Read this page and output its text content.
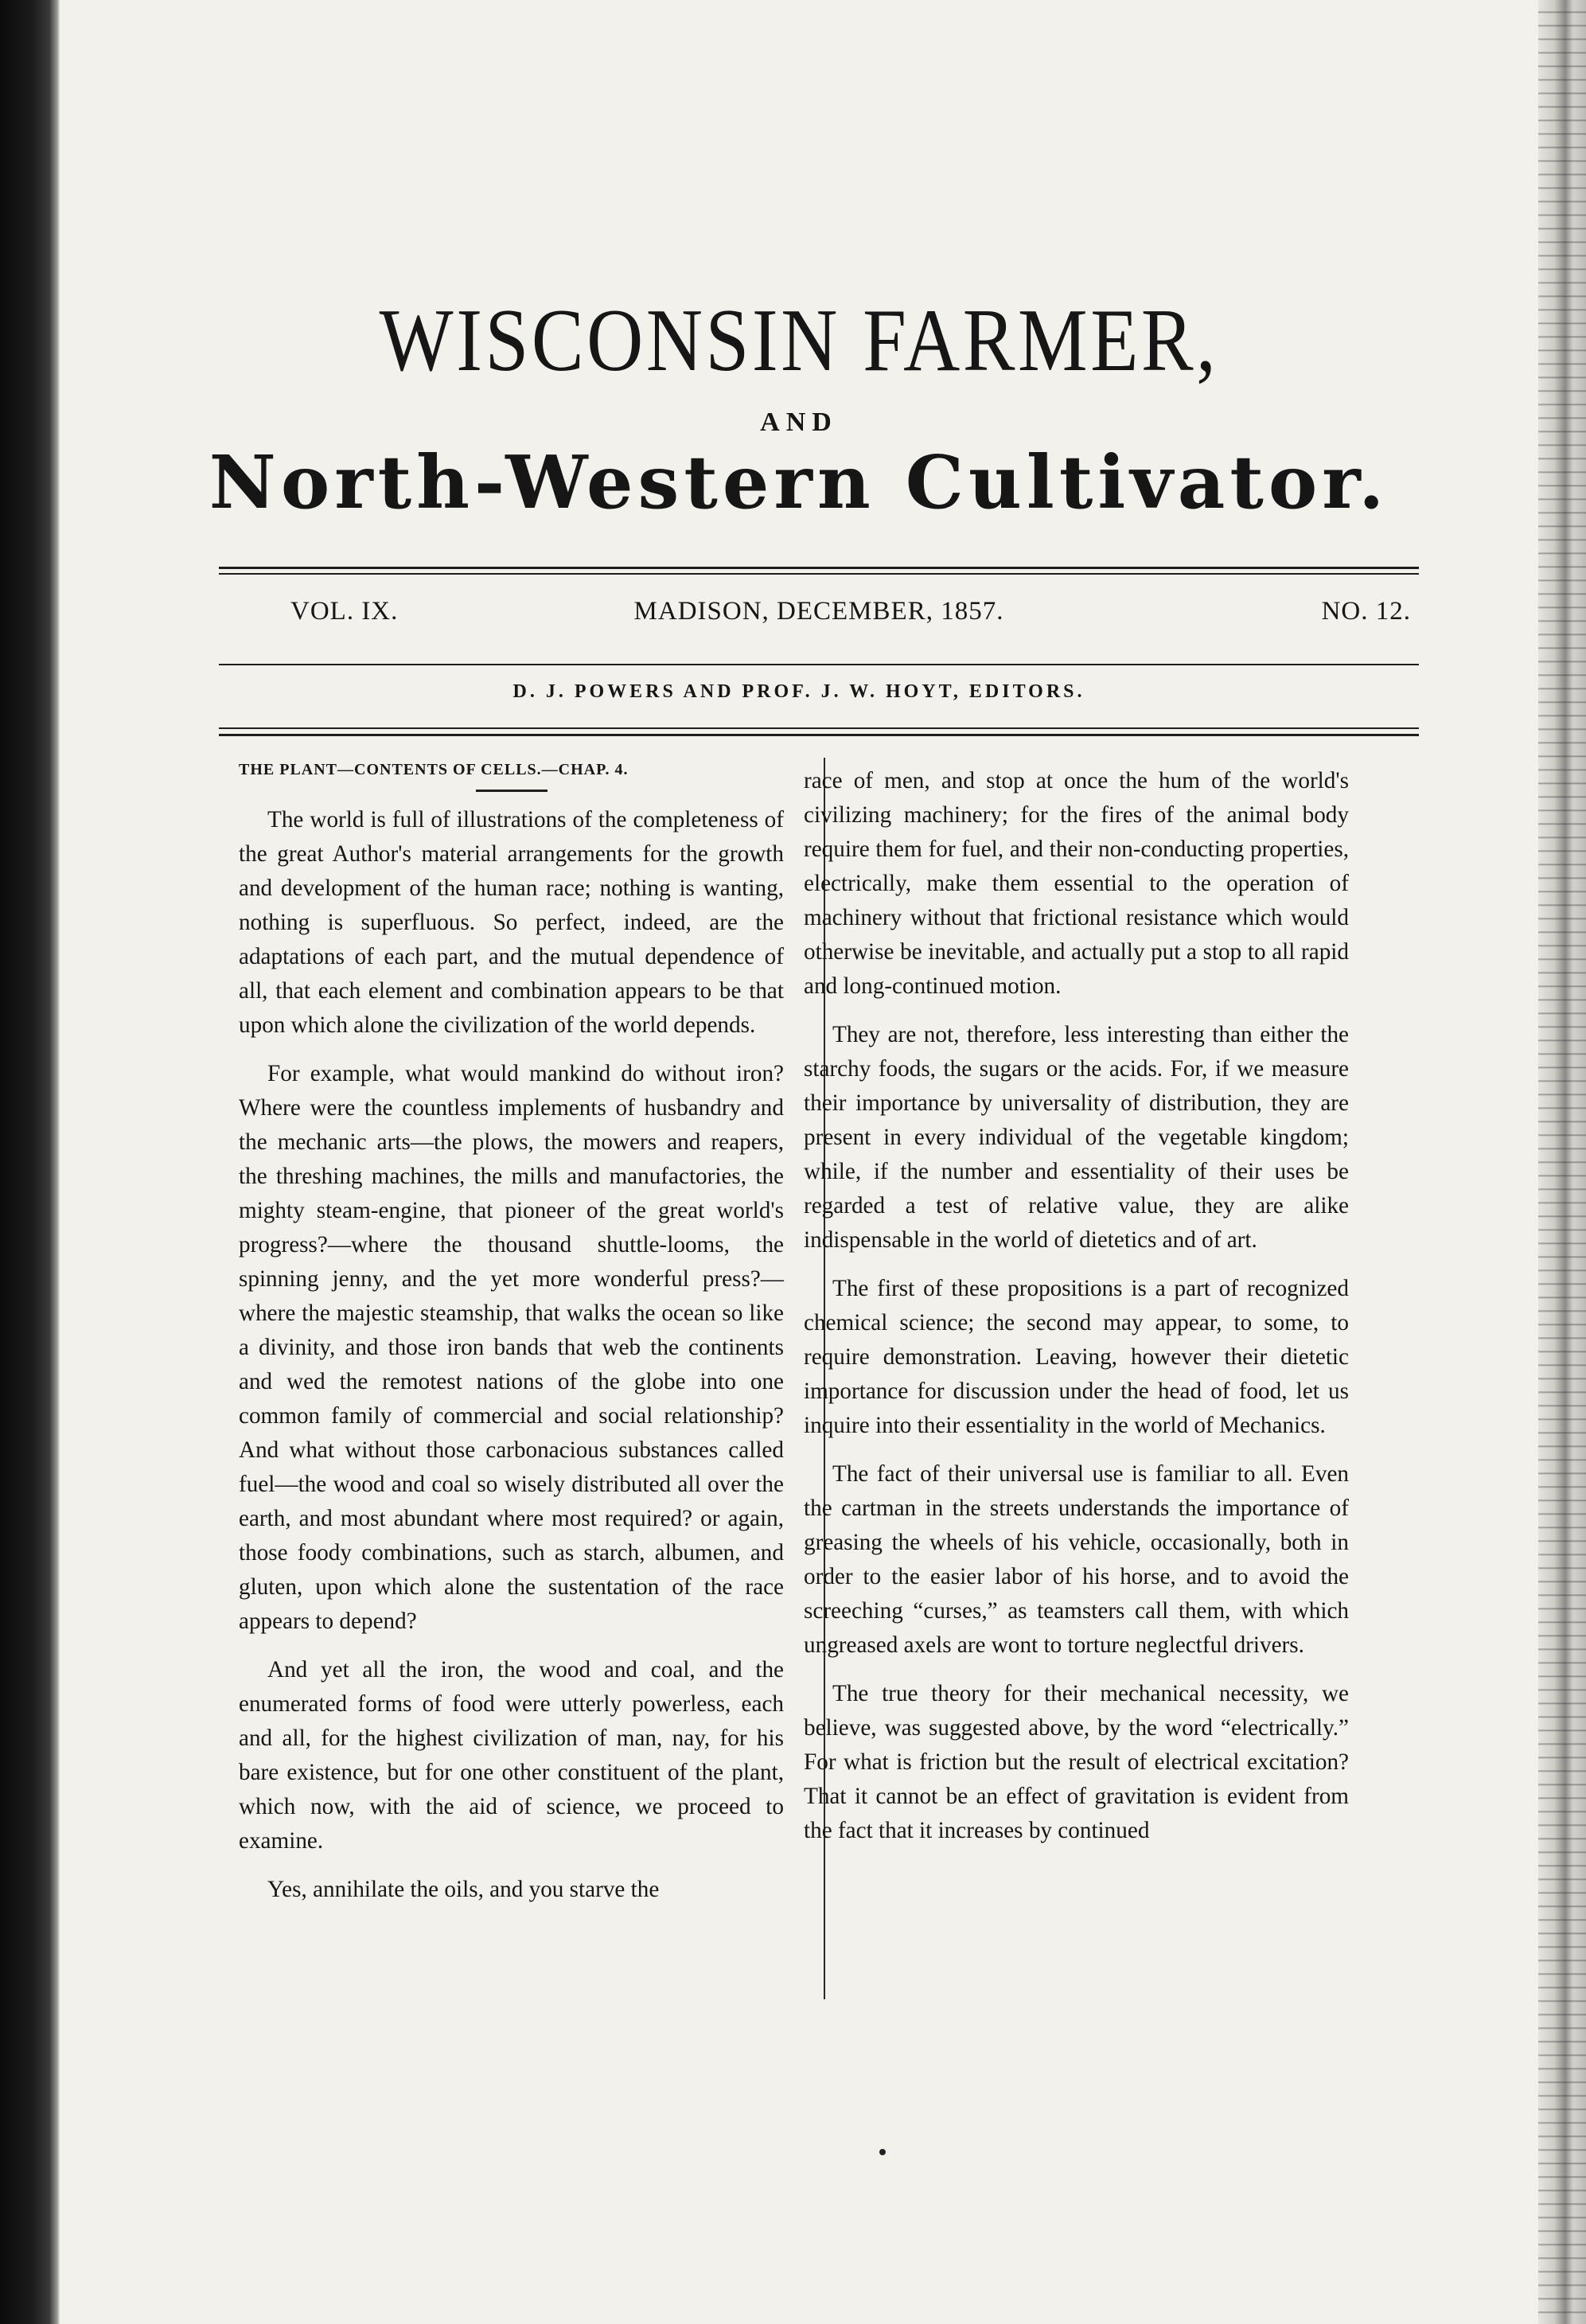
WISCONSIN FARMER,
AND
North-Western Cultivator.
VOL. IX.	MADISON, DECEMBER, 1857.	NO. 12.
D. J. POWERS AND PROF. J. W. HOYT, EDITORS.

THE PLANT—CONTENTS OF CELLS.—CHAP. 4.

The world is full of illustrations of the completeness of the great Author's material arrangements for the growth and development of the human race; nothing is wanting, nothing is superfluous. So perfect, indeed, are the adaptations of each part, and the mutual dependence of all, that each element and combination appears to be that upon which alone the civilization of the world depends.

For example, what would mankind do without iron? Where were the countless implements of husbandry and the mechanic arts—the plows, the mowers and reapers, the threshing machines, the mills and manufactories, the mighty steam-engine, that pioneer of the great world's progress?—where the thousand shuttle-looms, the spinning jenny, and the yet more wonderful press?—where the majestic steamship, that walks the ocean so like a divinity, and those iron bands that web the continents and wed the remotest nations of the globe into one common family of commercial and social relationship? And what without those carbonacious substances called fuel—the wood and coal so wisely distributed all over the earth, and most abundant where most required? or again, those foody combinations, such as starch, albumen, and gluten, upon which alone the sustentation of the race appears to depend?

And yet all the iron, the wood and coal, and the enumerated forms of food were utterly powerless, each and all, for the highest civilization of man, nay, for his bare existence, but for one other constituent of the plant, which now, with the aid of science, we proceed to examine.

Yes, annihilate the oils, and you starve the

race of men, and stop at once the hum of the world's civilizing machinery; for the fires of the animal body require them for fuel, and their non-conducting properties, electrically, make them essential to the operation of machinery without that frictional resistance which would otherwise be inevitable, and actually put a stop to all rapid and long-continued motion.

They are not, therefore, less interesting than either the starchy foods, the sugars or the acids. For, if we measure their importance by universality of distribution, they are present in every individual of the vegetable kingdom; while, if the number and essentiality of their uses be regarded a test of relative value, they are alike indispensable in the world of dietetics and of art.

The first of these propositions is a part of recognized chemical science; the second may appear, to some, to require demonstration. Leaving, however their dietetic importance for discussion under the head of food, let us inquire into their essentiality in the world of Mechanics.

The fact of their universal use is familiar to all. Even the cartman in the streets understands the importance of greasing the wheels of his vehicle, occasionally, both in order to the easier labor of his horse, and to avoid the screeching “curses,” as teamsters call them, with which ungreased axels are wont to torture neglectful drivers.

The true theory for their mechanical necessity, we believe, was suggested above, by the word “electrically.” For what is friction but the result of electrical excitation? That it cannot be an effect of gravitation is evident from the fact that it increases by continued
